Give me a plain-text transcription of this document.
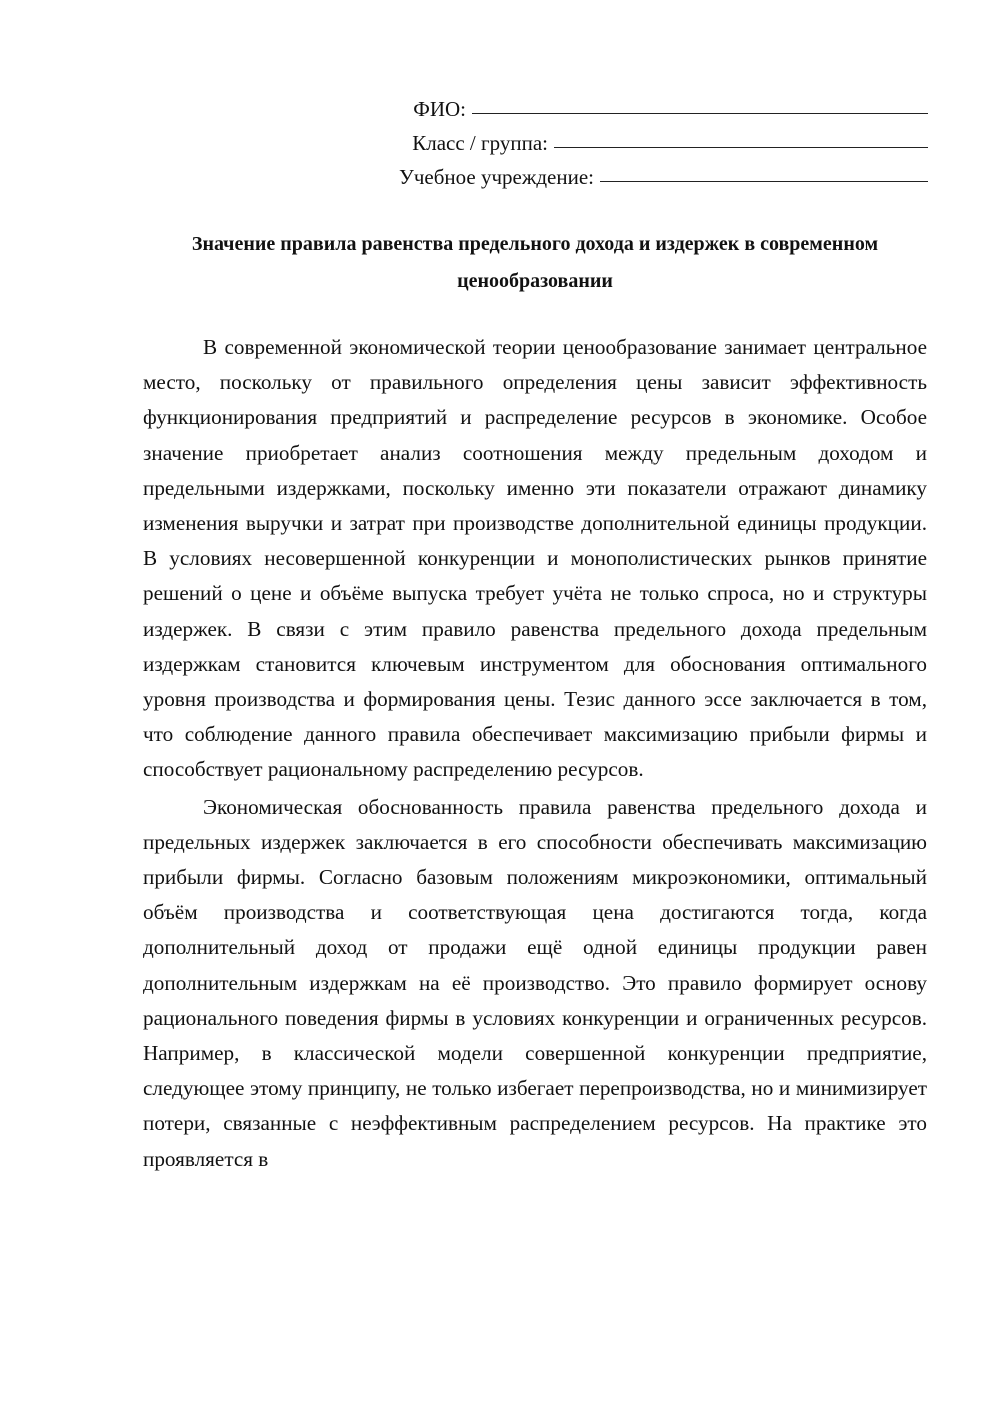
ФИО:
Класс / группа:
Учебное учреждение:
Значение правила равенства предельного дохода и издержек в современном ценообразовании

В современной экономической теории ценообразование занимает центральное место, поскольку от правильного определения цены зависит эффективность функционирования предприятий и распределение ресурсов в экономике. Особое значение приобретает анализ соотношения между предельным доходом и предельными издержками, поскольку именно эти показатели отражают динамику изменения выручки и затрат при производстве дополнительной единицы продукции. В условиях несовершенной конкуренции и монополистических рынков принятие решений о цене и объёме выпуска требует учёта не только спроса, но и структуры издержек. В связи с этим правило равенства предельного дохода предельным издержкам становится ключевым инструментом для обоснования оптимального уровня производства и формирования цены. Тезис данного эссе заключается в том, что соблюдение данного правила обеспечивает максимизацию прибыли фирмы и способствует рациональному распределению ресурсов.

Экономическая обоснованность правила равенства предельного дохода и предельных издержек заключается в его способности обеспечивать максимизацию прибыли фирмы. Согласно базовым положениям микроэкономики, оптимальный объём производства и соответствующая цена достигаются тогда, когда дополнительный доход от продажи ещё одной единицы продукции равен дополнительным издержкам на её производство. Это правило формирует основу рационального поведения фирмы в условиях конкуренции и ограниченных ресурсов. Например, в классической модели совершенной конкуренции предприятие, следующее этому принципу, не только избегает перепроизводства, но и минимизирует потери, связанные с неэффективным распределением ресурсов. На практике это проявляется в
